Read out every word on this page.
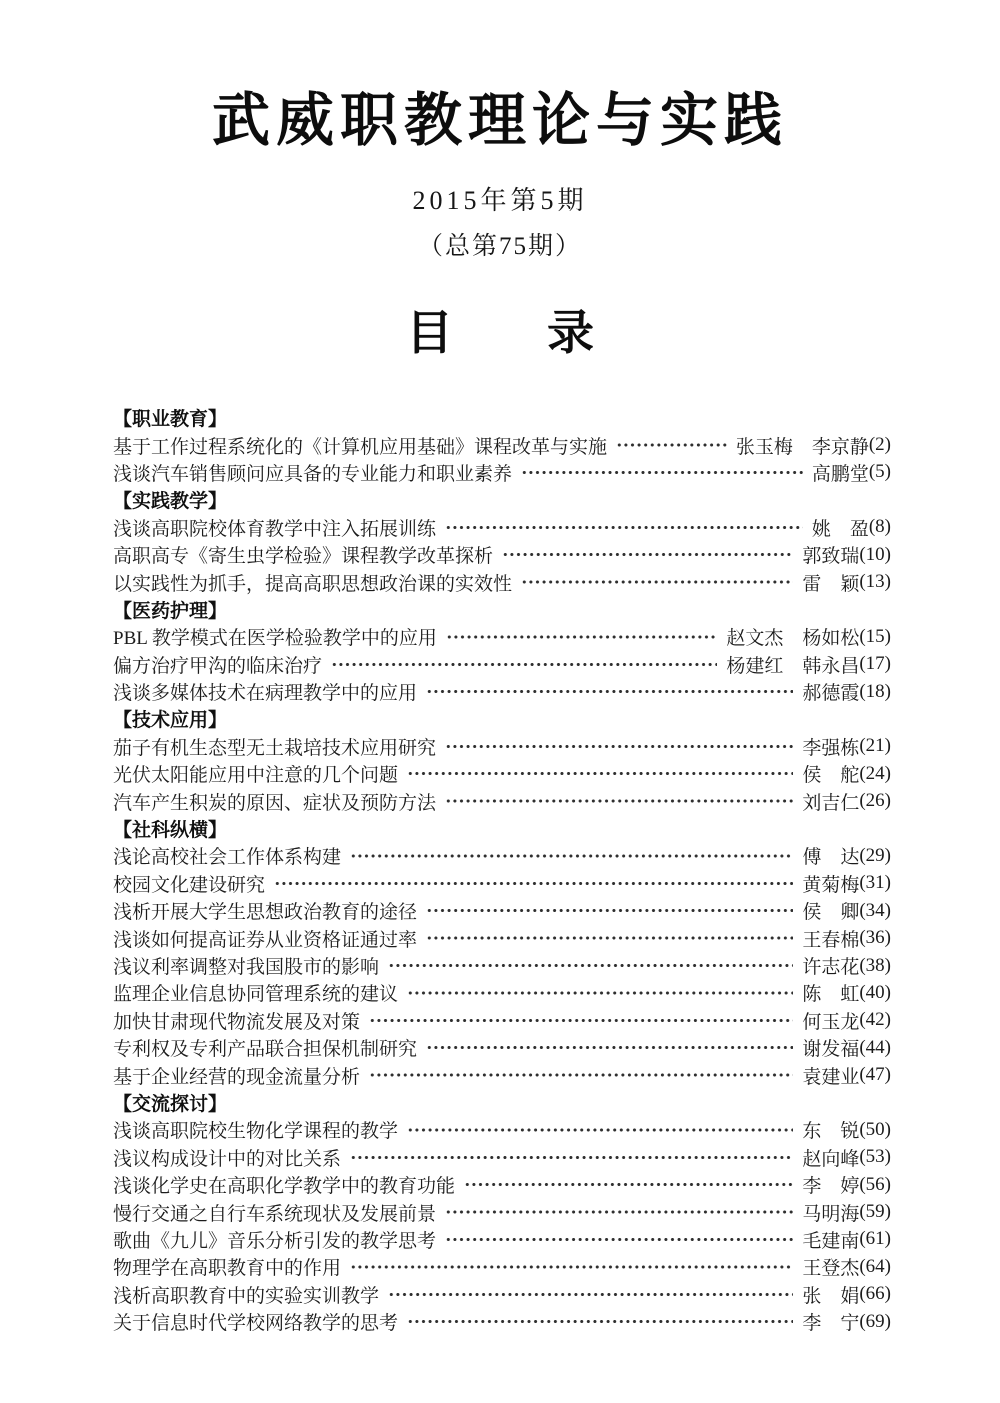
武威职教理论与实践
2015年第5期
（总第75期）
目　　录
【职业教育】
基于工作过程系统化的《计算机应用基础》课程改革与实施	张玉梅　李京静 (2)
浅谈汽车销售顾问应具备的专业能力和职业素养	高鹏堂 (5)
【实践教学】
浅谈高职院校体育教学中注入拓展训练	姚　盈 (8)
高职高专《寄生虫学检验》课程教学改革探析	郭致瑞 (10)
以实践性为抓手，提高高职思想政治课的实效性	雷　颖 (13)
【医药护理】
PBL 教学模式在医学检验教学中的应用	赵文杰　杨如松 (15)
偏方治疗甲沟的临床治疗	杨建红　韩永昌 (17)
浅谈多媒体技术在病理教学中的应用	郝德霞 (18)
【技术应用】
茄子有机生态型无土栽培技术应用研究	李强栋 (21)
光伏太阳能应用中注意的几个问题	侯　舵 (24)
汽车产生积炭的原因、症状及预防方法	刘吉仁 (26)
【社科纵横】
浅论高校社会工作体系构建	傅　达 (29)
校园文化建设研究	黄菊梅 (31)
浅析开展大学生思想政治教育的途径	侯　卿 (34)
浅谈如何提高证券从业资格证通过率	王春棉 (36)
浅议利率调整对我国股市的影响	许志花 (38)
监理企业信息协同管理系统的建议	陈　虹 (40)
加快甘肃现代物流发展及对策	何玉龙 (42)
专利权及专利产品联合担保机制研究	谢发福 (44)
基于企业经营的现金流量分析	袁建业 (47)
【交流探讨】
浅谈高职院校生物化学课程的教学	东　锐 (50)
浅议构成设计中的对比关系	赵向峰 (53)
浅谈化学史在高职化学教学中的教育功能	李　婷 (56)
慢行交通之自行车系统现状及发展前景	马明海 (59)
歌曲《九儿》音乐分析引发的教学思考	毛建南 (61)
物理学在高职教育中的作用	王登杰 (64)
浅析高职教育中的实验实训教学	张　娟 (66)
关于信息时代学校网络教学的思考	李　宁 (69)
